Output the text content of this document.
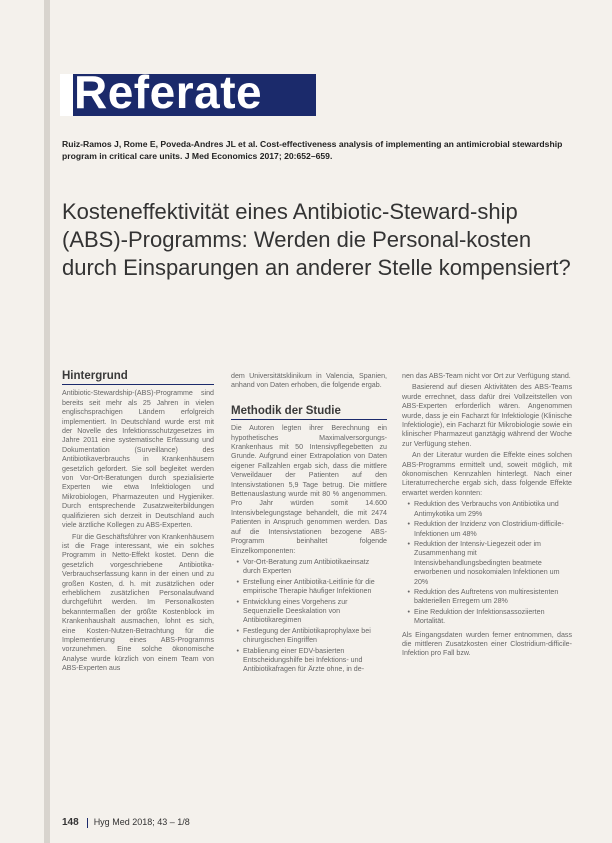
Referate
Ruiz-Ramos J, Rome E, Poveda-Andres JL et al. Cost-effectiveness analysis of implementing an antimicrobial stewardship program in critical care units. J Med Economics 2017; 20:652–659.
Kosteneffektivität eines Antibiotic-Steward-ship (ABS)-Programms: Werden die Personal-kosten durch Einsparungen an anderer Stelle kompensiert?
Hintergrund

Antibiotic-Stewardship-(ABS)-Programme sind bereits seit mehr als 25 Jahren in vielen englischsprachigen Ländern erfolgreich implementiert. In Deutschland wurde erst mit der Novelle des Infektionsschutzgesetzes im Jahre 2011 eine systematische Erfassung und Dokumentation (Surveillance) des Antibiotikaverbrauchs in Krankenhäusern gesetzlich gefordert. Sie soll begleitet werden von Vor-Ort-Beratungen durch spezialisierte Experten wie etwa Infektiologen und Mikrobiologen, Pharmazeuten und Hygieniker. Durch entsprechende Zusatzweiterbildungen qualifizieren sich derzeit in Deutschland auch viele ärztliche Kollegen zu ABS-Experten.

Für die Geschäftsführer von Krankenhäusern ist die Frage interessant, wie ein solches Programm in Netto-Effekt kostet. Denn die gesetzlich vorgeschriebene Antibiotika-Verbrauchserfassung kann in der einen und zu großen Kosten, d. h. mit zusätzlichen oder erheblichem zusätzlichen Personalaufwand durchgeführt werden. Im Personalkosten bekanntermaßen der größte Kostenblock im Krankenhaushalt ausmachen, lohnt es sich, eine Kosten-Nutzen-Betrachtung für die Implementierung eines ABS-Programms vorzunehmen. Eine solche ökonomische Analyse wurde kürzlich von einem Team von ABS-Experten aus

dem Universitätsklinikum in Valencia, Spanien, anhand von Daten erhoben, die folgende ergab.

Methodik der Studie

Die Autoren legten ihrer Berechnung ein hypothetisches Maximalversorgungs-Krankenhaus mit 50 Intensivpflegebetten zu Grunde. Aufgrund einer Extrapolation von Daten eigener Fallzahlen ergab sich, dass die mittlere Verweildauer der Patienten auf den Intensivstationen 5,9 Tage betrug. Die mittlere Bettenauslastung wurde mit 80 % angenommen. Pro Jahr würden somit 14.600 Intensivbelegungstage behandelt, die mit 2474 Patienten in Anspruch genommen werden. Das auf die Intensivstationen bezogene ABS-Programm beinhaltet folgende Einzelkomponenten:

• Vor-Ort-Beratung zum Antibiotikaeinsatz durch Experten
• Erstellung einer Antibiotika-Leitlinie für die empirische Therapie häufiger Infektionen
• Entwicklung eines Vorgehens zur Sequenzielle Deeskalation von Antibiotikaregimen
• Festlegung der Antibiotikaprophylaxe bei chirurgischen Eingriffen
• Etablierung einer EDV-basierten Entscheidungshilfe bei Infektions- und Antibiotikafragen für Ärzte ohne, in de-

nen das ABS-Team nicht vor Ort zur Verfügung stand.

Basierend auf diesen Aktivitäten des ABS-Teams wurde errechnet, dass dafür drei Vollzeitstellen von ABS-Experten erforderlich wären. Angenommen wurde, dass je ein Facharzt für Infektiologie (Klinische Infektiologie), ein Facharzt für Mikrobiologie sowie ein klinischer Pharmazeut ganztägig während der Woche zur Verfügung stehen.

An der Literatur wurden die Effekte eines solchen ABS-Programms ermittelt und, soweit möglich, mit ökonomischen Kennzahlen hinterlegt. Nach einer Literaturrecherche ergab sich, dass folgende Effekte erwartet werden konnten:

• Reduktion des Verbrauchs von Antibiotika und Antimykotika um 29%
• Reduktion der Inzidenz von Clostridium-difficile-Infektionen um 48%
• Reduktion der Intensiv-Liegezeit oder im Zusammenhang mit Intensivbehandlungsbedingten beatmete erworbenen und nosokomialen Infektionen um 20%
• Reduktion des Auftretens von multiresistenten bakteriellen Erregern um 28%
• Eine Reduktion der Infektionsassoziierten Mortalität.

Als Eingangsdaten wurden ferner entnommen, dass die mittleren Zusatzkosten einer Clostridium-difficile-Infektion pro Fall bzw.

148 Hyg Med 2018; 43 – 1/8
